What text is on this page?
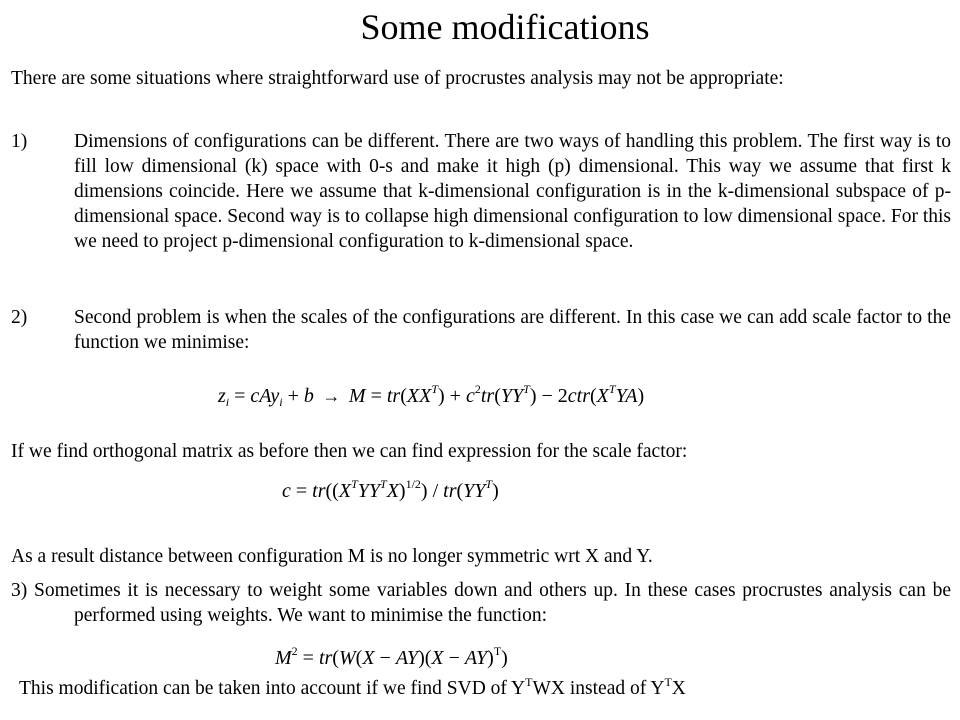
Some modifications
There are some situations where straightforward use of procrustes analysis may not be appropriate:
1) Dimensions of configurations can be different. There are two ways of handling this problem. The first way is to fill low dimensional (k) space with 0-s and make it high (p) dimensional. This way we assume that first k dimensions coincide. Here we assume that k-dimensional configuration is in the k-dimensional subspace of p-dimensional space. Second way is to collapse high dimensional configuration to low dimensional space. For this we need to project p-dimensional configuration to k-dimensional space.
2) Second problem is when the scales of the configurations are different. In this case we can add scale factor to the function we minimise:
$z_i = cAy_i + b \to M = tr(XX^T) + c^2tr(YY^T) - 2ctr(X^TYA)$
If we find orthogonal matrix as before then we can find expression for the scale factor:
$c = tr((X^TYY^TX)^{1/2}) / tr(YY^T)$
As a result distance between configuration M is no longer symmetric wrt X and Y.
3) Sometimes it is necessary to weight some variables down and others up. In these cases procrustes analysis can be performed using weights. We want to minimise the function:
$M^2 = tr(W(X - AY)(X - AY)^T)$
This modification can be taken into account if we find SVD of $Y^TWX$ instead of $Y^TX$
